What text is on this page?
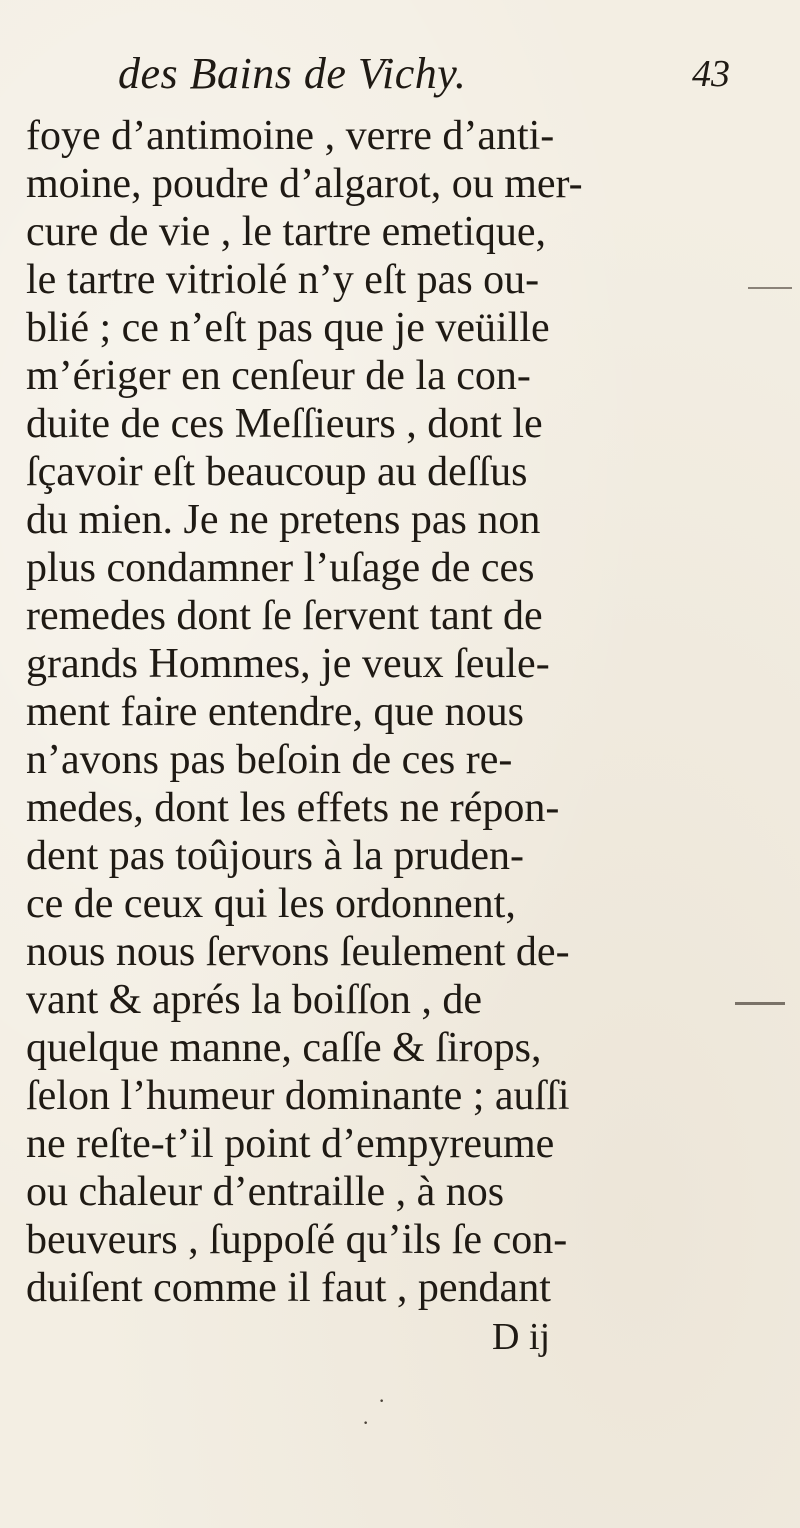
des Bains de Vichy.	43
foye d’antimoine , verre d’anti-
moine, poudre d’algarot, ou mer-
cure de vie , le tartre emetique,
le tartre vitriolé n’y eſt pas ou-
blié ; ce n’eſt pas que je veüille
m’ériger en cenſeur de la con-
duite de ces Meſſieurs , dont le
ſçavoir eſt beaucoup au deſſus
du mien. Je ne pretens pas non
plus condamner l’uſage de ces
remedes dont ſe ſervent tant de
grands Hommes, je veux ſeule-
ment faire entendre, que nous
n’avons pas beſoin de ces re-
medes, dont les effets ne répon-
dent pas toûjours à la pruden-
ce de ceux qui les ordonnent,
nous nous ſervons ſeulement de-
vant & aprés la boiſſon , de
quelque manne, caſſe & ſirops,
ſelon l’humeur dominante ; auſſi
ne reſte-t’il point d’empyreume
ou chaleur d’entraille , à nos
beuveurs , ſuppoſé qu’ils ſe con-
duiſent comme il faut , pendant
D ij
·
·
